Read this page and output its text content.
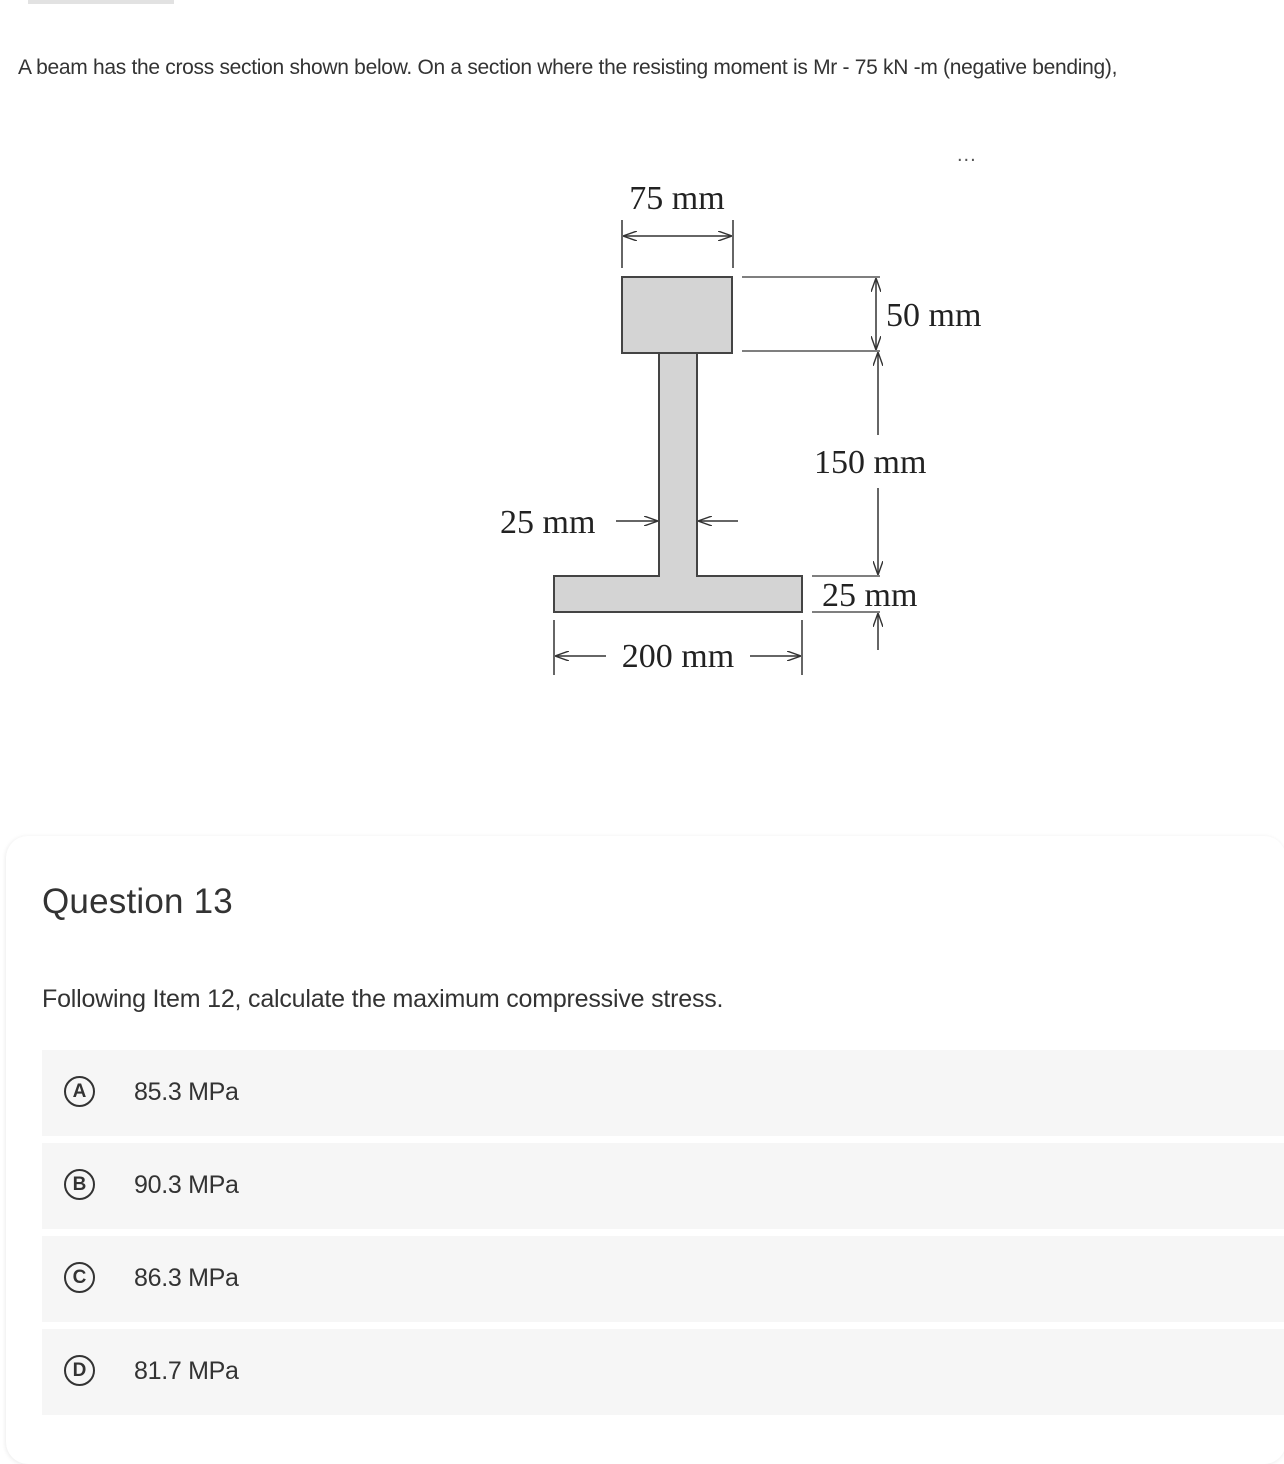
A beam has the cross section shown below. On a section where the resisting moment is Mr - 75 kN -m (negative bending),

...
75 mm
50 mm
150 mm
25 mm
25 mm
200 mm
Question 13

Following Item 12, calculate the maximum compressive stress.

A	85.3 MPa
B	90.3 MPa
C	86.3 MPa
D	81.7 MPa
